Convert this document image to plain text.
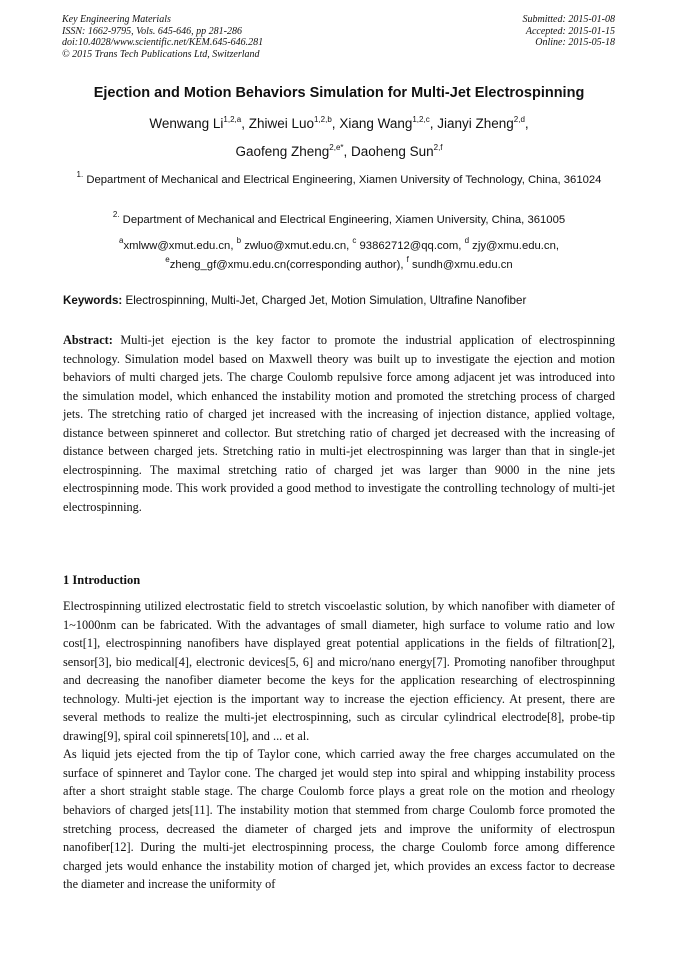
Key Engineering Materials
ISSN: 1662-9795, Vols. 645-646, pp 281-286
doi:10.4028/www.scientific.net/KEM.645-646.281
© 2015 Trans Tech Publications Ltd, Switzerland
Submitted: 2015-01-08
Accepted: 2015-01-15
Online: 2015-05-18
Ejection and Motion Behaviors Simulation for Multi-Jet Electrospinning
Wenwang Li$^{1,2,a}$, Zhiwei Luo$^{1,2,b}$, Xiang Wang$^{1,2,c}$, Jianyi Zheng$^{2,d}$,
Gaofeng Zheng$^{2,e*}$, Daoheng Sun$^{2,f}$
$^{1.}$ Department of Mechanical and Electrical Engineering, Xiamen University of Technology, China, 361024
$^{2.}$ Department of Mechanical and Electrical Engineering, Xiamen University, China, 361005
$^a$xmlww@xmut.edu.cn, $^b$ zwluo@xmut.edu.cn, $^c$ 93862712@qq.com, $^d$ zjy@xmu.edu.cn,
$^e$zheng_gf@xmu.edu.cn(corresponding author), $^f$ sundh@xmu.edu.cn
Keywords: Electrospinning, Multi-Jet, Charged Jet, Motion Simulation, Ultrafine Nanofiber
Abstract: Multi-jet ejection is the key factor to promote the industrial application of electrospinning technology. Simulation model based on Maxwell theory was built up to investigate the ejection and motion behaviors of multi charged jets. The charge Coulomb repulsive force among adjacent jet was introduced into the simulation model, which enhanced the instability motion and promoted the stretching process of charged jets. The stretching ratio of charged jet increased with the increasing of injection distance, applied voltage, distance between spinneret and collector. But stretching ratio of charged jet decreased with the increasing of distance between charged jets. Stretching ratio in multi-jet electrospinning was larger than that in single-jet electrospinning. The maximal stretching ratio of charged jet was larger than 9000 in the nine jets electrospinning mode. This work provided a good method to investigate the controlling technology of multi-jet electrospinning.
1 Introduction

Electrospinning utilized electrostatic field to stretch viscoelastic solution, by which nanofiber with diameter of 1~1000nm can be fabricated. With the advantages of small diameter, high surface to volume ratio and low cost[1], electrospinning nanofibers have displayed great potential applications in the fields of filtration[2], sensor[3], bio medical[4], electronic devices[5, 6] and micro/nano energy[7]. Promoting nanofiber throughput and decreasing the nanofiber diameter become the keys for the application researching of electrospinning technology. Multi-jet ejection is the important way to increase the ejection efficiency. At present, there are several methods to realize the multi-jet electrospinning, such as circular cylindrical electrode[8], probe-tip drawing[9], spiral coil spinnerets[10], and ... et al.

As liquid jets ejected from the tip of Taylor cone, which carried away the free charges accumulated on the surface of spinneret and Taylor cone. The charged jet would step into spiral and whipping instability process after a short straight stable stage. The charge Coulomb force plays a great role on the motion and rheology behaviors of charged jets[11]. The instability motion that stemmed from charge Coulomb force promoted the stretching process, decreased the diameter of charged jets and improve the uniformity of electrospun nanofiber[12]. During the multi-jet electrospinning process, the charge Coulomb force among difference charged jets would enhance the instability motion of charged jet, which provides an excess factor to decrease the diameter and increase the uniformity of
